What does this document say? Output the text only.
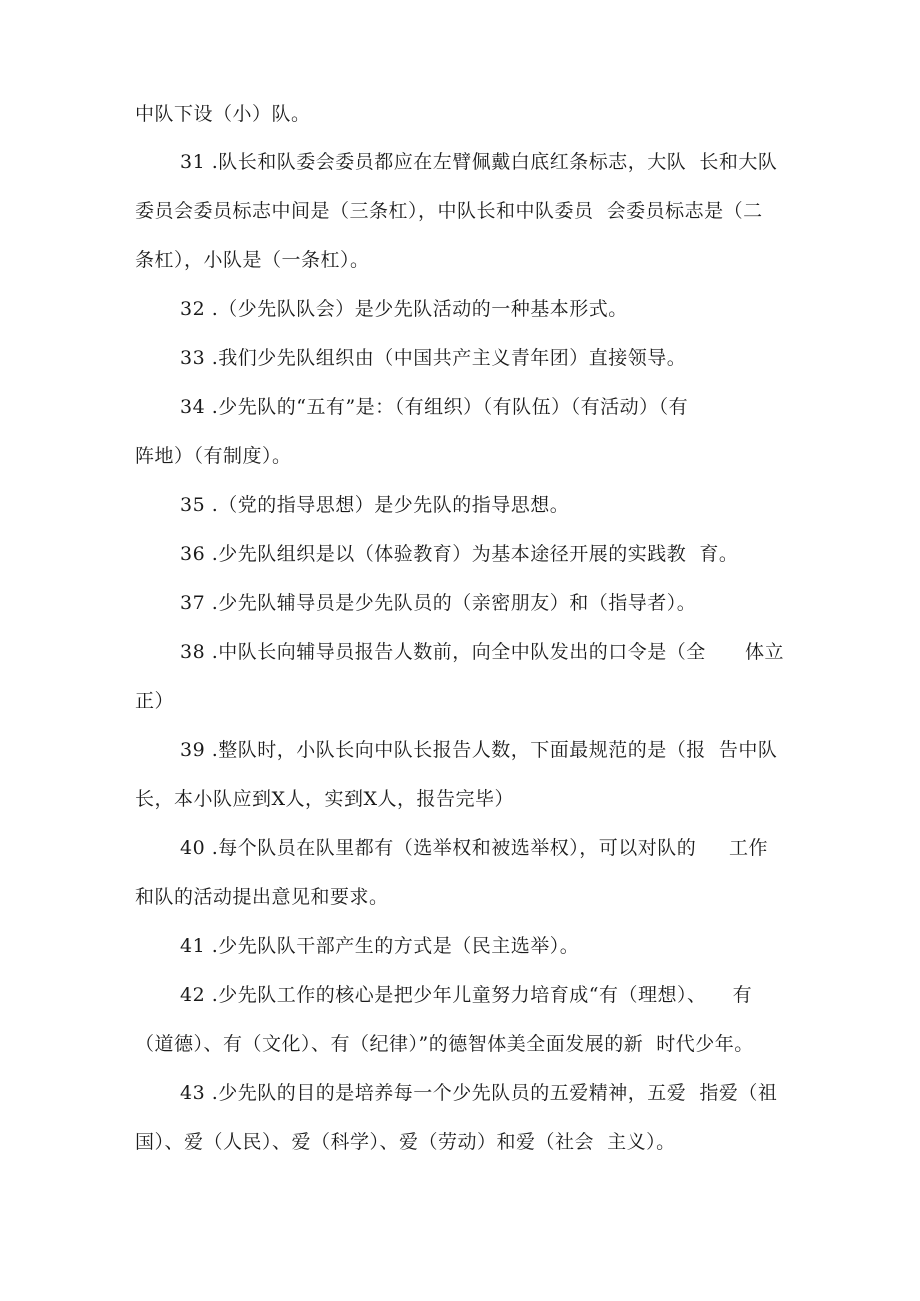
中队下设（小）队。

31 .队长和队委会委员都应在左臂佩戴白底红条标志，大队  长和大队

委员会委员标志中间是（三条杠），中队长和中队委员  会委员标志是（二

条杠），小队是（一条杠）。

32 .（少先队队会）是少先队活动的一种基本形式。

33 .我们少先队组织由（中国共产主义青年团）直接领导。

34 .少先队的“五有”是：（有组织）（有队伍）（有活动）（有

阵地）（有制度）。

35 .（党的指导思想）是少先队的指导思想。

36 .少先队组织是以（体验教育）为基本途径开展的实践教  育。

37 .少先队辅导员是少先队员的（亲密朋友）和（指导者）。

38 .中队长向辅导员报告人数前，向全中队发出的口令是（全      体立

正）

39 .整队时，小队长向中队长报告人数，下面最规范的是（报  告中队

长，本小队应到X人，实到X人，报告完毕）

40 .每个队员在队里都有（选举权和被选举权），可以对队的     工作

和队的活动提出意见和要求。

41 .少先队队干部产生的方式是（民主选举）。

42 .少先队工作的核心是把少年儿童努力培育成“有（理想）、    有

（道德）、有（文化）、有（纪律）”的德智体美全面发展的新  时代少年。

43 .少先队的目的是培养每一个少先队员的五爱精神，五爱  指爱（祖

国）、爱（人民）、爱（科学）、爱（劳动）和爱（社会  主义）。
